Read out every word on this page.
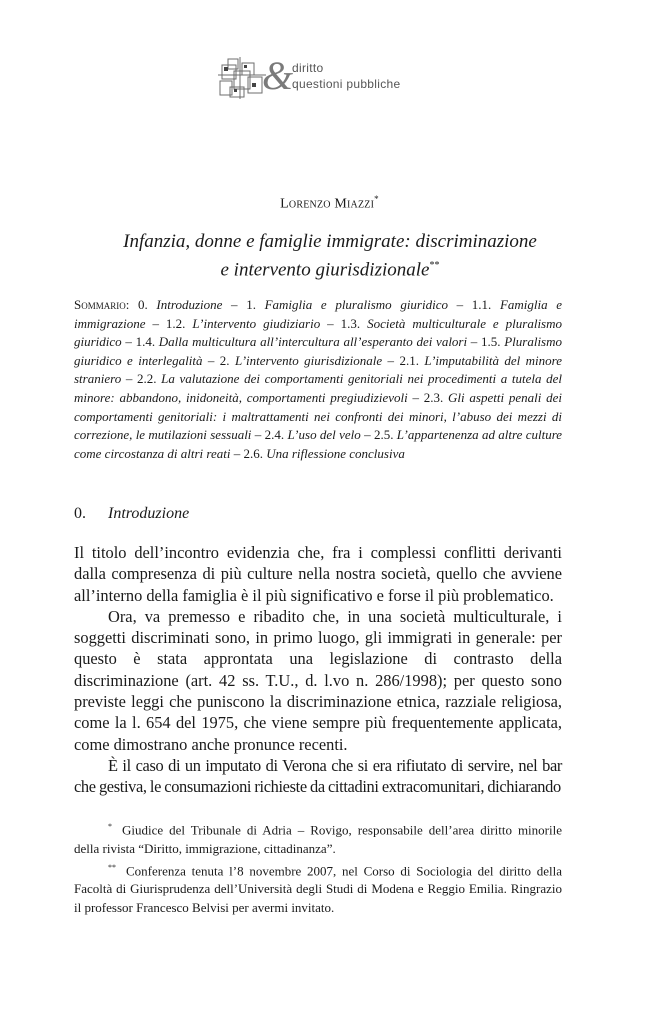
&
diritto
questioni pubbliche
Lorenzo Miazzi*
Infanzia, donne e famiglie immigrate: discriminazione
e intervento giurisdizionale**
Sommario: 0. Introduzione – 1. Famiglia e pluralismo giuridico – 1.1. Famiglia e immigrazione – 1.2. L’intervento giudiziario – 1.3. Società multiculturale e pluralismo giuridico – 1.4. Dalla multicultura all’intercultura all’esperanto dei valori – 1.5. Pluralismo giuridico e interlegalità – 2. L’intervento giurisdizionale – 2.1. L’imputabilità del minore straniero – 2.2. La valutazione dei comportamenti genitoriali nei procedimenti a tutela del minore: abbandono, inidoneità, comportamenti pregiudizievoli – 2.3. Gli aspetti penali dei comportamenti genitoriali: i maltrattamenti nei confronti dei minori, l’abuso dei mezzi di correzione, le mutilazioni sessuali – 2.4. L’uso del velo – 2.5. L’appartenenza ad altre culture come circostanza di altri reati – 2.6. Una riflessione conclusiva
0. Introduzione

Il titolo dell’incontro evidenzia che, fra i complessi conflitti derivanti dalla compresenza di più culture nella nostra società, quello che avviene all’interno della famiglia è il più significativo e forse il più problematico.

Ora, va premesso e ribadito che, in una società multiculturale, i soggetti discriminati sono, in primo luogo, gli immigrati in generale: per questo è stata approntata una legislazione di contrasto della discriminazione (art. 42 ss. T.U., d. l.vo n. 286/1998); per questo sono previste leggi che puniscono la discriminazione etnica, razziale religiosa, come la l. 654 del 1975, che viene sempre più frequentemente applicata, come dimostrano anche pronunce recenti.

È il caso di un imputato di Verona che si era rifiutato di servire, nel bar che gestiva, le consumazioni richieste da cittadini extracomunitari, dichiarando

* Giudice del Tribunale di Adria – Rovigo, responsabile dell’area diritto minorile della rivista “Diritto, immigrazione, cittadinanza”.

** Conferenza tenuta l’8 novembre 2007, nel Corso di Sociologia del diritto della Facoltà di Giurisprudenza dell’Università degli Studi di Modena e Reggio Emilia. Ringrazio il professor Francesco Belvisi per avermi invitato.
